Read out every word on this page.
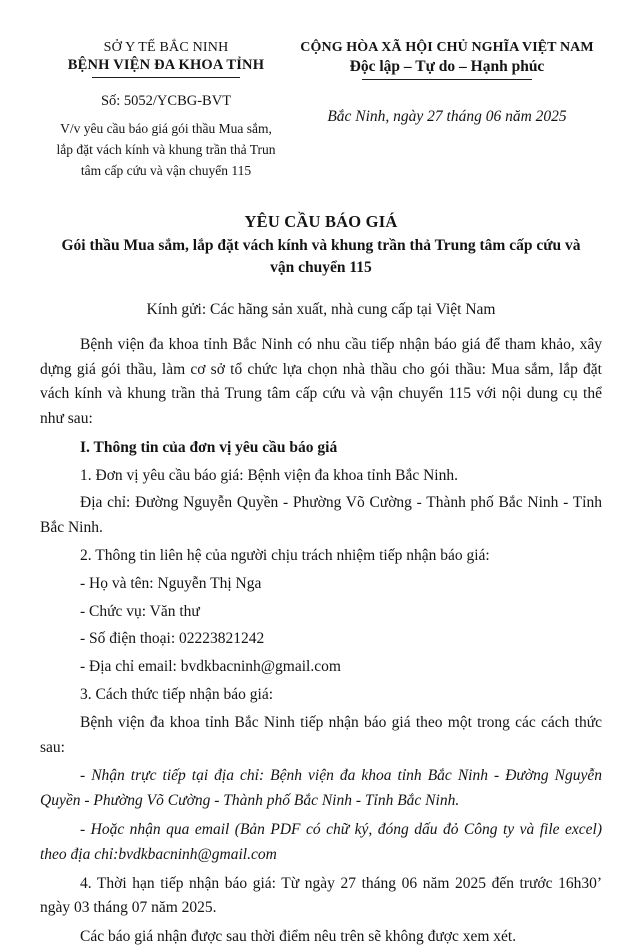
SỞ Y TẾ BẮC NINH
BỆNH VIỆN ĐA KHOA TỈNH
Số: 5052/YCBG-BVT
V/v yêu cầu báo giá gói thầu Mua sắm,
lắp đặt vách kính và khung trần thả Trun
tâm cấp cứu và vận chuyển 115
CỘNG HÒA XÃ HỘI CHỦ NGHĨA VIỆT NAM
Độc lập – Tự do – Hạnh phúc
Bắc Ninh, ngày 27 tháng 06 năm 2025
YÊU CẦU BÁO GIÁ
Gói thầu Mua sắm, lắp đặt vách kính và khung trần thả Trung tâm cấp cứu và vận chuyển 115
Kính gửi: Các hãng sản xuất, nhà cung cấp tại Việt Nam

Bệnh viện đa khoa tỉnh Bắc Ninh có nhu cầu tiếp nhận báo giá để tham khảo, xây dựng giá gói thầu, làm cơ sở tổ chức lựa chọn nhà thầu cho gói thầu: Mua sắm, lắp đặt vách kính và khung trần thả Trung tâm cấp cứu và vận chuyển 115 với nội dung cụ thể như sau:

I. Thông tin của đơn vị yêu cầu báo giá

1. Đơn vị yêu cầu báo giá: Bệnh viện đa khoa tỉnh Bắc Ninh.

Địa chỉ: Đường Nguyễn Quyền - Phường Võ Cường - Thành phố Bắc Ninh - Tỉnh Bắc Ninh.

2. Thông tin liên hệ của người chịu trách nhiệm tiếp nhận báo giá:

- Họ và tên: Nguyễn Thị Nga

- Chức vụ: Văn thư

- Số điện thoại: 02223821242

- Địa chỉ email: bvdkbacninh@gmail.com

3. Cách thức tiếp nhận báo giá:

Bệnh viện đa khoa tỉnh Bắc Ninh tiếp nhận báo giá theo một trong các cách thức sau:

- Nhận trực tiếp tại địa chỉ: Bệnh viện đa khoa tỉnh Bắc Ninh - Đường Nguyễn Quyền - Phường Võ Cường - Thành phố Bắc Ninh - Tỉnh Bắc Ninh.

- Hoặc nhận qua email (Bản PDF có chữ ký, đóng dấu đỏ Công ty và file excel) theo địa chỉ:bvdkbacninh@gmail.com

4. Thời hạn tiếp nhận báo giá: Từ ngày 27 tháng 06 năm 2025 đến trước 16h30’ ngày 03 tháng 07 năm 2025.

Các báo giá nhận được sau thời điểm nêu trên sẽ không được xem xét.
